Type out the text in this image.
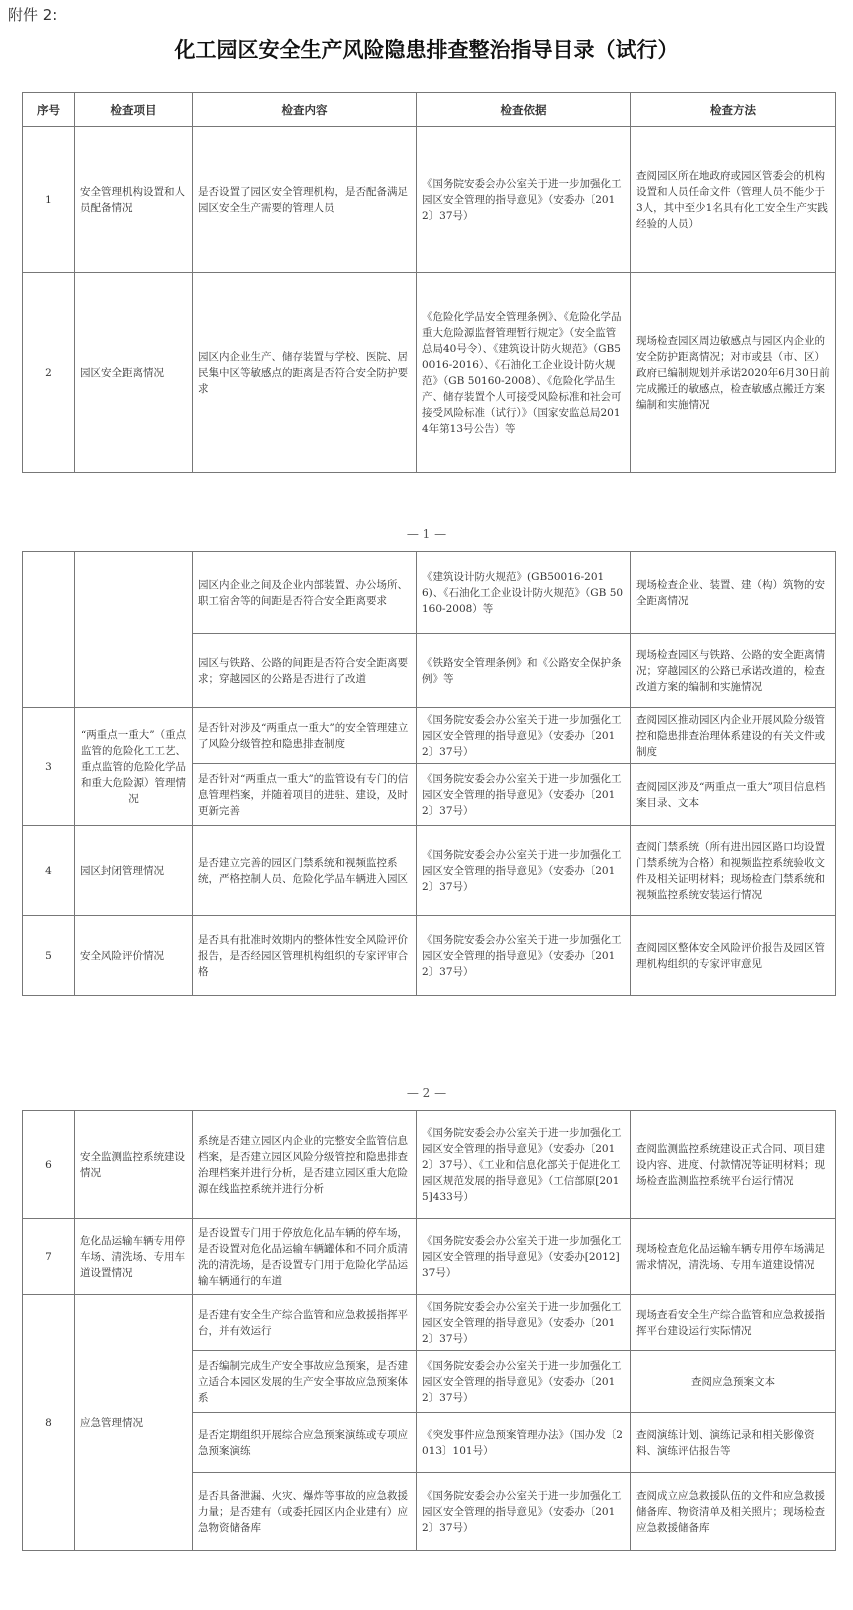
附件 2:
化工园区安全生产风险隐患排查整治指导目录（试行）
序号	检查项目	检查内容	检查依据	检查方法
1	安全管理机构设置和人员配备情况	是否设置了园区安全管理机构，是否配备满足园区安全生产需要的管理人员	《国务院安委会办公室关于进一步加强化工园区安全管理的指导意见》（安委办〔2012〕37号）	查阅园区所在地政府或园区管委会的机构设置和人员任命文件（管理人员不能少于3人，其中至少1名具有化工安全生产实践经验的人员）
2	园区安全距离情况	园区内企业生产、储存装置与学校、医院、居民集中区等敏感点的距离是否符合安全防护要求	《危险化学品安全管理条例》、《危险化学品重大危险源监督管理暂行规定》（安全监管总局40号令）、《建筑设计防火规范》（GB50016-2016）、《石油化工企业设计防火规范》（GB 50160-2008）、《危险化学品生产、储存装置个人可接受风险标准和社会可接受风险标准（试行）》（国家安监总局2014年第13号公告）等	现场检查园区周边敏感点与园区内企业的安全防护距离情况；对市或县（市、区）政府已编制规划并承诺2020年6月30日前完成搬迁的敏感点，检查敏感点搬迁方案编制和实施情况
— 1 —
		园区内企业之间及企业内部装置、办公场所、职工宿舍等的间距是否符合安全距离要求	《建筑设计防火规范》(GB50016-2016)、《石油化工企业设计防火规范》（GB 50160-2008）等	现场检查企业、装置、建（构）筑物的安全距离情况
		园区与铁路、公路的间距是否符合安全距离要求；穿越园区的公路是否进行了改道	《铁路安全管理条例》和《公路安全保护条例》等	现场检查园区与铁路、公路的安全距离情况；穿越园区的公路已承诺改道的，检查改道方案的编制和实施情况
3	“两重点一重大”（重点监管的危险化工工艺、重点监管的危险化学品和重大危险源）管理情况	是否针对涉及“两重点一重大”的安全管理建立了风险分级管控和隐患排查制度	《国务院安委会办公室关于进一步加强化工园区安全管理的指导意见》（安委办〔2012〕37号）	查阅园区推动园区内企业开展风险分级管控和隐患排查治理体系建设的有关文件或制度
		是否针对“两重点一重大”的监管设有专门的信息管理档案，并随着项目的进驻、建设，及时更新完善	《国务院安委会办公室关于进一步加强化工园区安全管理的指导意见》（安委办〔2012〕37号）	查阅园区涉及“两重点一重大”项目信息档案目录、文本
4	园区封闭管理情况	是否建立完善的园区门禁系统和视频监控系统，严格控制人员、危险化学品车辆进入园区	《国务院安委会办公室关于进一步加强化工园区安全管理的指导意见》（安委办〔2012〕37号）	查阅门禁系统（所有进出园区路口均设置门禁系统为合格）和视频监控系统验收文件及相关证明材料；现场检查门禁系统和视频监控系统安装运行情况
5	安全风险评价情况	是否具有批准时效期内的整体性安全风险评价报告，是否经园区管理机构组织的专家评审合格	《国务院安委会办公室关于进一步加强化工园区安全管理的指导意见》（安委办〔2012〕37号）	查阅园区整体安全风险评价报告及园区管理机构组织的专家评审意见
— 2 —
6	安全监测监控系统建设情况	系统是否建立园区内企业的完整安全监管信息档案，是否建立园区风险分级管控和隐患排查治理档案并进行分析，是否建立园区重大危险源在线监控系统并进行分析	《国务院安委会办公室关于进一步加强化工园区安全管理的指导意见》（安委办〔2012〕37号）、《工业和信息化部关于促进化工园区规范发展的指导意见》（工信部原[2015]433号）	查阅监测监控系统建设正式合同、项目建设内容、进度、付款情况等证明材料；现场检查监测监控系统平台运行情况
7	危化品运输车辆专用停车场、清洗场、专用车道设置情况	是否设置专门用于停放危化品车辆的停车场，是否设置对危化品运输车辆罐体和不同介质清洗的清洗场，是否设置专门用于危险化学品运输车辆通行的车道	《国务院安委会办公室关于进一步加强化工园区安全管理的指导意见》（安委办[2012]37号）	现场检查危化品运输车辆专用停车场满足需求情况，清洗场、专用车道建设情况
8	应急管理情况	是否建有安全生产综合监管和应急救援指挥平台，并有效运行	《国务院安委会办公室关于进一步加强化工园区安全管理的指导意见》（安委办〔2012〕37号）	现场查看安全生产综合监管和应急救援指挥平台建设运行实际情况
		是否编制完成生产安全事故应急预案，是否建立适合本园区发展的生产安全事故应急预案体系	《国务院安委会办公室关于进一步加强化工园区安全管理的指导意见》（安委办〔2012〕37号）	查阅应急预案文本
		是否定期组织开展综合应急预案演练或专项应急预案演练	《突发事件应急预案管理办法》（国办发〔2013〕101号）	查阅演练计划、演练记录和相关影像资料、演练评估报告等
		是否具备泄漏、火灾、爆炸等事故的应急救援力量；是否建有（或委托园区内企业建有）应急物资储备库	《国务院安委会办公室关于进一步加强化工园区安全管理的指导意见》（安委办〔2012〕37号）	查阅成立应急救援队伍的文件和应急救援储备库、物资清单及相关照片；现场检查应急救援储备库
